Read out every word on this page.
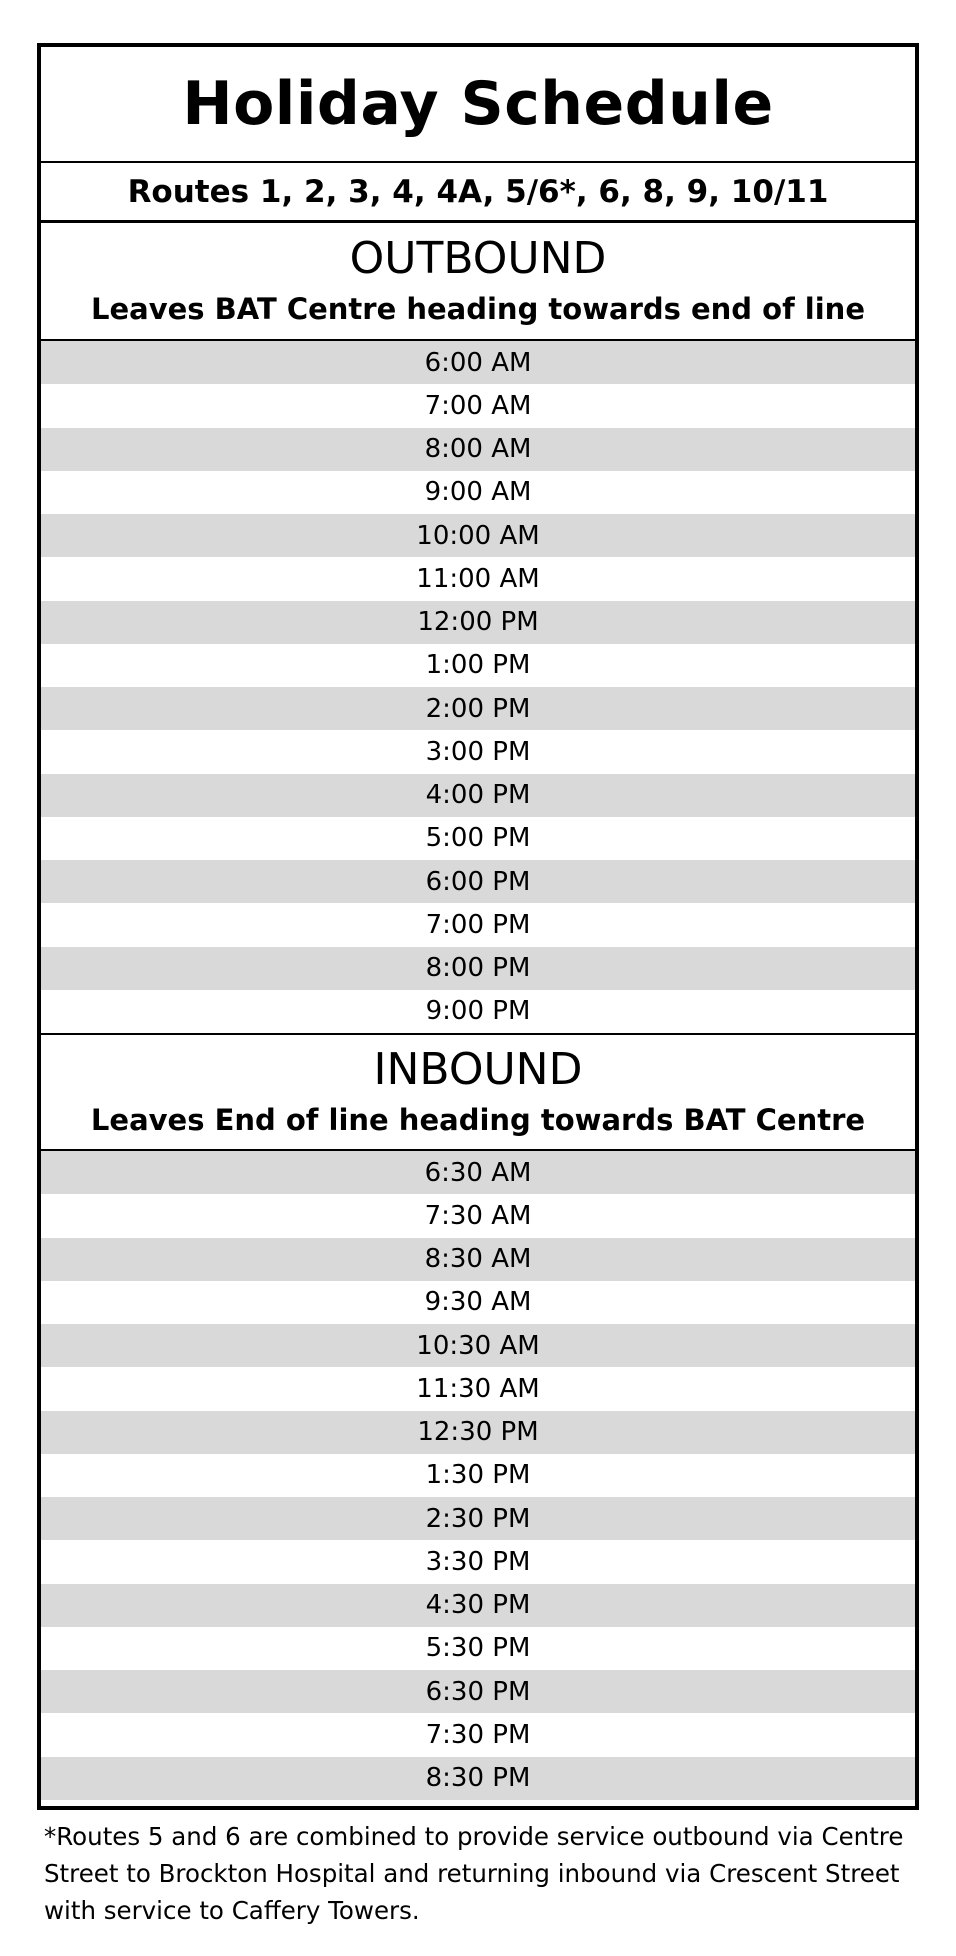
Holiday Schedule
Routes 1, 2, 3, 4, 4A, 5/6*, 6, 8, 9, 10/11
OUTBOUND
Leaves BAT Centre heading towards end of line
6:00 AM
7:00 AM
8:00 AM
9:00 AM
10:00 AM
11:00 AM
12:00 PM
1:00 PM
2:00 PM
3:00 PM
4:00 PM
5:00 PM
6:00 PM
7:00 PM
8:00 PM
9:00 PM
INBOUND
Leaves End of line heading towards BAT Centre
6:30 AM
7:30 AM
8:30 AM
9:30 AM
10:30 AM
11:30 AM
12:30 PM
1:30 PM
2:30 PM
3:30 PM
4:30 PM
5:30 PM
6:30 PM
7:30 PM
8:30 PM

*Routes 5 and 6 are combined to provide service outbound via Centre Street to Brockton Hospital and returning inbound via Crescent Street with service to Caffery Towers.
